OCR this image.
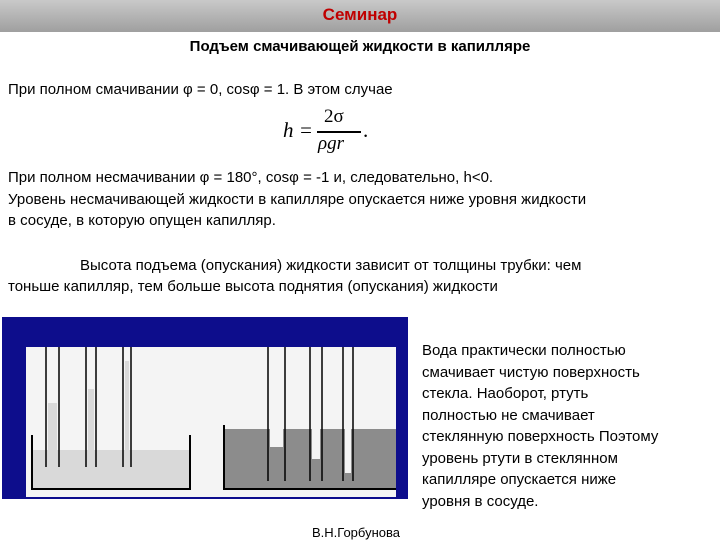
Семинар
Подъем смачивающей жидкости в капилляре
При полном смачивании φ = 0, cosφ = 1. В этом случае
h =
2σ
ρgr
.
При полном несмачивании φ = 180°, cosφ = -1 и, следовательно, h<0.
Уровень несмачивающей жидкости в капилляре опускается ниже уровня жидкости
в сосуде, в которую опущен капилляр.
Высота подъема (опускания) жидкости зависит от толщины трубки: чем
тоньше капилляр, тем больше высота поднятия (опускания) жидкости
Вода практически полностью
смачивает чистую поверхность
стекла. Наоборот, ртуть
полностью не смачивает
стеклянную поверхность Поэтому
уровень ртути в стеклянном
капилляре опускается ниже
уровня в сосуде.
В.Н.Горбунова
